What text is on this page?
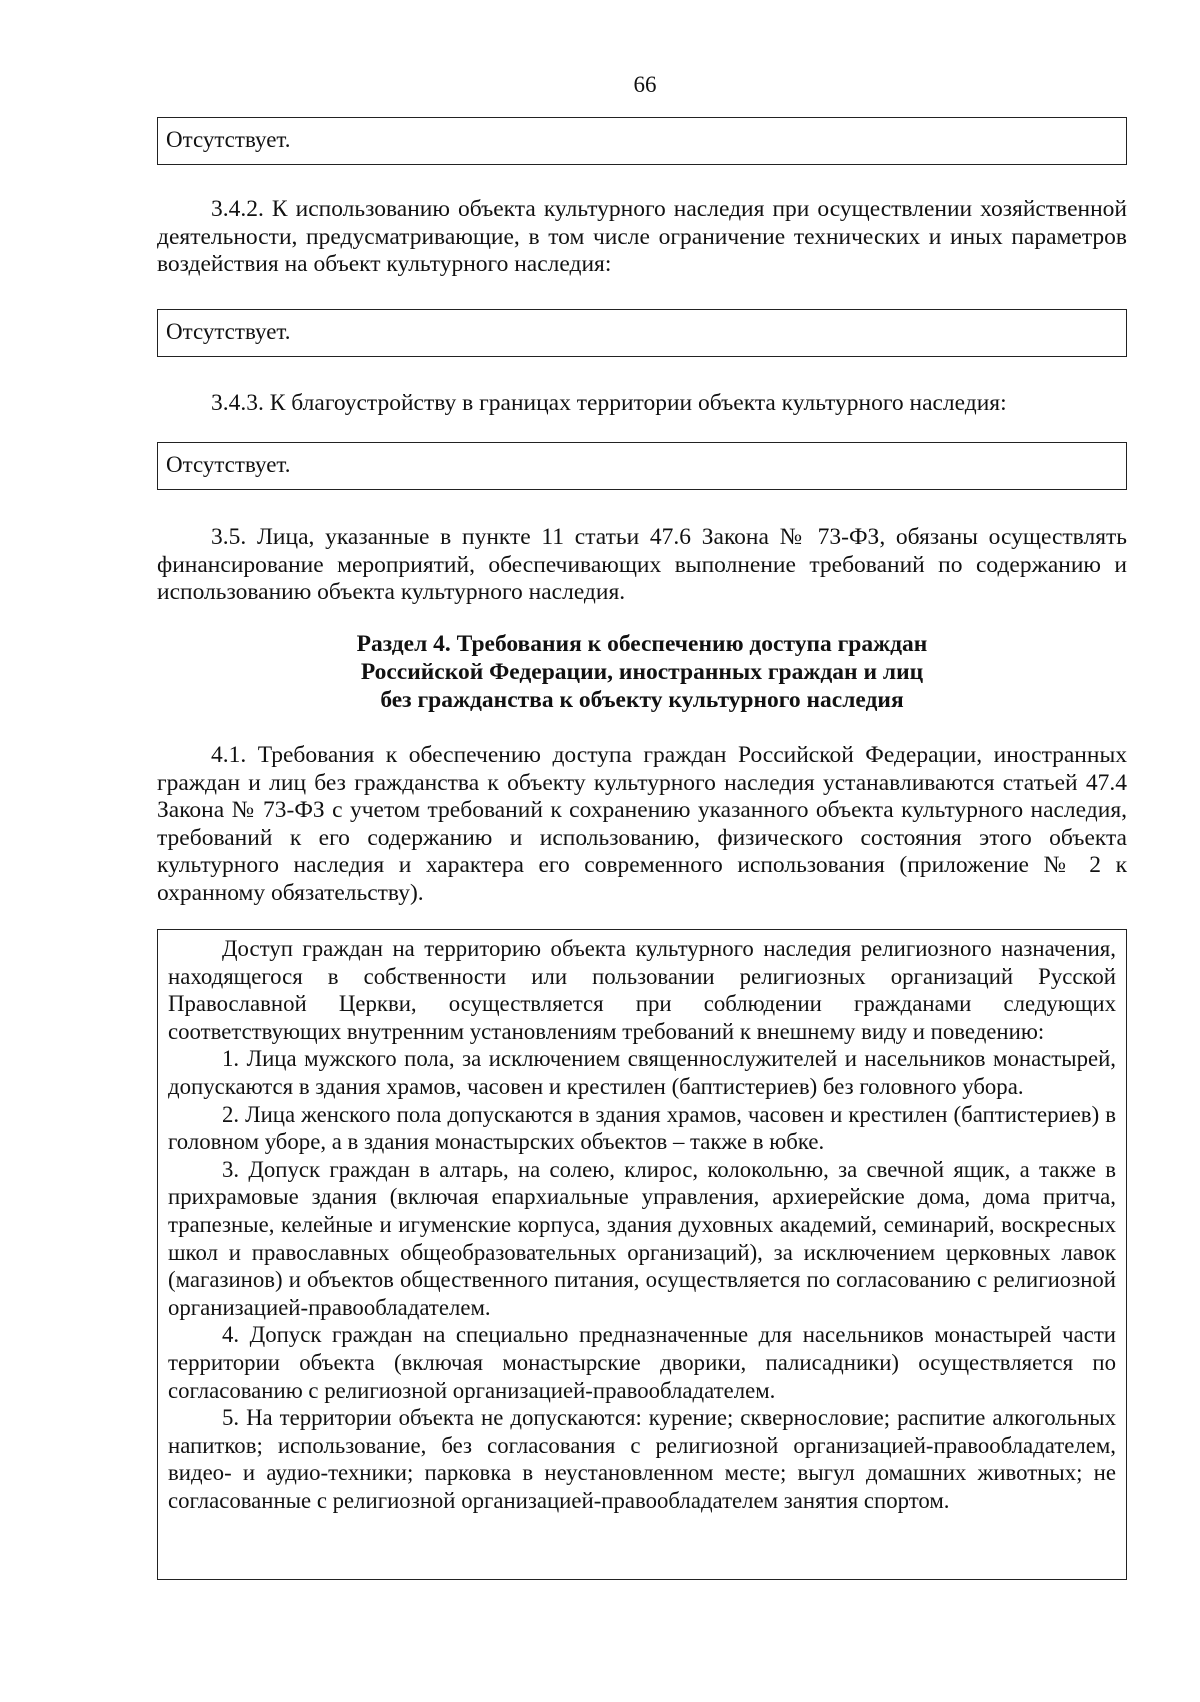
66
Отсутствует.
3.4.2. К использованию объекта культурного наследия при осуществлении хозяйственной деятельности, предусматривающие, в том числе ограничение технических и иных параметров воздействия на объект культурного наследия:
Отсутствует.
3.4.3. К благоустройству в границах территории объекта культурного наследия:
Отсутствует.
3.5. Лица, указанные в пункте 11 статьи 47.6 Закона № 73-ФЗ, обязаны осуществлять финансирование мероприятий, обеспечивающих выполнение требований по содержанию и использованию объекта культурного наследия.
Раздел 4. Требования к обеспечению доступа граждан
Российской Федерации, иностранных граждан и лиц
без гражданства к объекту культурного наследия
4.1. Требования к обеспечению доступа граждан Российской Федерации, иностранных граждан и лиц без гражданства к объекту культурного наследия устанавливаются статьей 47.4 Закона № 73-ФЗ с учетом требований к сохранению указанного объекта культурного наследия, требований к его содержанию и использованию, физического состояния этого объекта культурного наследия и характера его современного использования (приложение № 2 к охранному обязательству).

Доступ граждан на территорию объекта культурного наследия религиозного назначения, находящегося в собственности или пользовании религиозных организаций Русской Православной Церкви, осуществляется при соблюдении гражданами следующих соответствующих внутренним установлениям требований к внешнему виду и поведению:

1. Лица мужского пола, за исключением священнослужителей и насельников монастырей, допускаются в здания храмов, часовен и крестилен (баптистериев) без головного убора.

2. Лица женского пола допускаются в здания храмов, часовен и крестилен (баптистериев) в головном уборе, а в здания монастырских объектов – также в юбке.

3. Допуск граждан в алтарь, на солею, клирос, колокольню, за свечной ящик, а также в прихрамовые здания (включая епархиальные управления, архиерейские дома, дома притча, трапезные, келейные и игуменские корпуса, здания духовных академий, семинарий, воскресных школ и православных общеобразовательных организаций), за исключением церковных лавок (магазинов) и объектов общественного питания, осуществляется по согласованию с религиозной организацией-правообладателем.

4. Допуск граждан на специально предназначенные для насельников монастырей части территории объекта (включая монастырские дворики, палисадники) осуществляется по согласованию с религиозной организацией-правообладателем.

5. На территории объекта не допускаются: курение; сквернословие; распитие алкогольных напитков; использование, без согласования с религиозной организацией-правообладателем, видео- и аудио-техники; парковка в неустановленном месте; выгул домашних животных; не согласованные с религиозной организацией-правообладателем занятия спортом.
